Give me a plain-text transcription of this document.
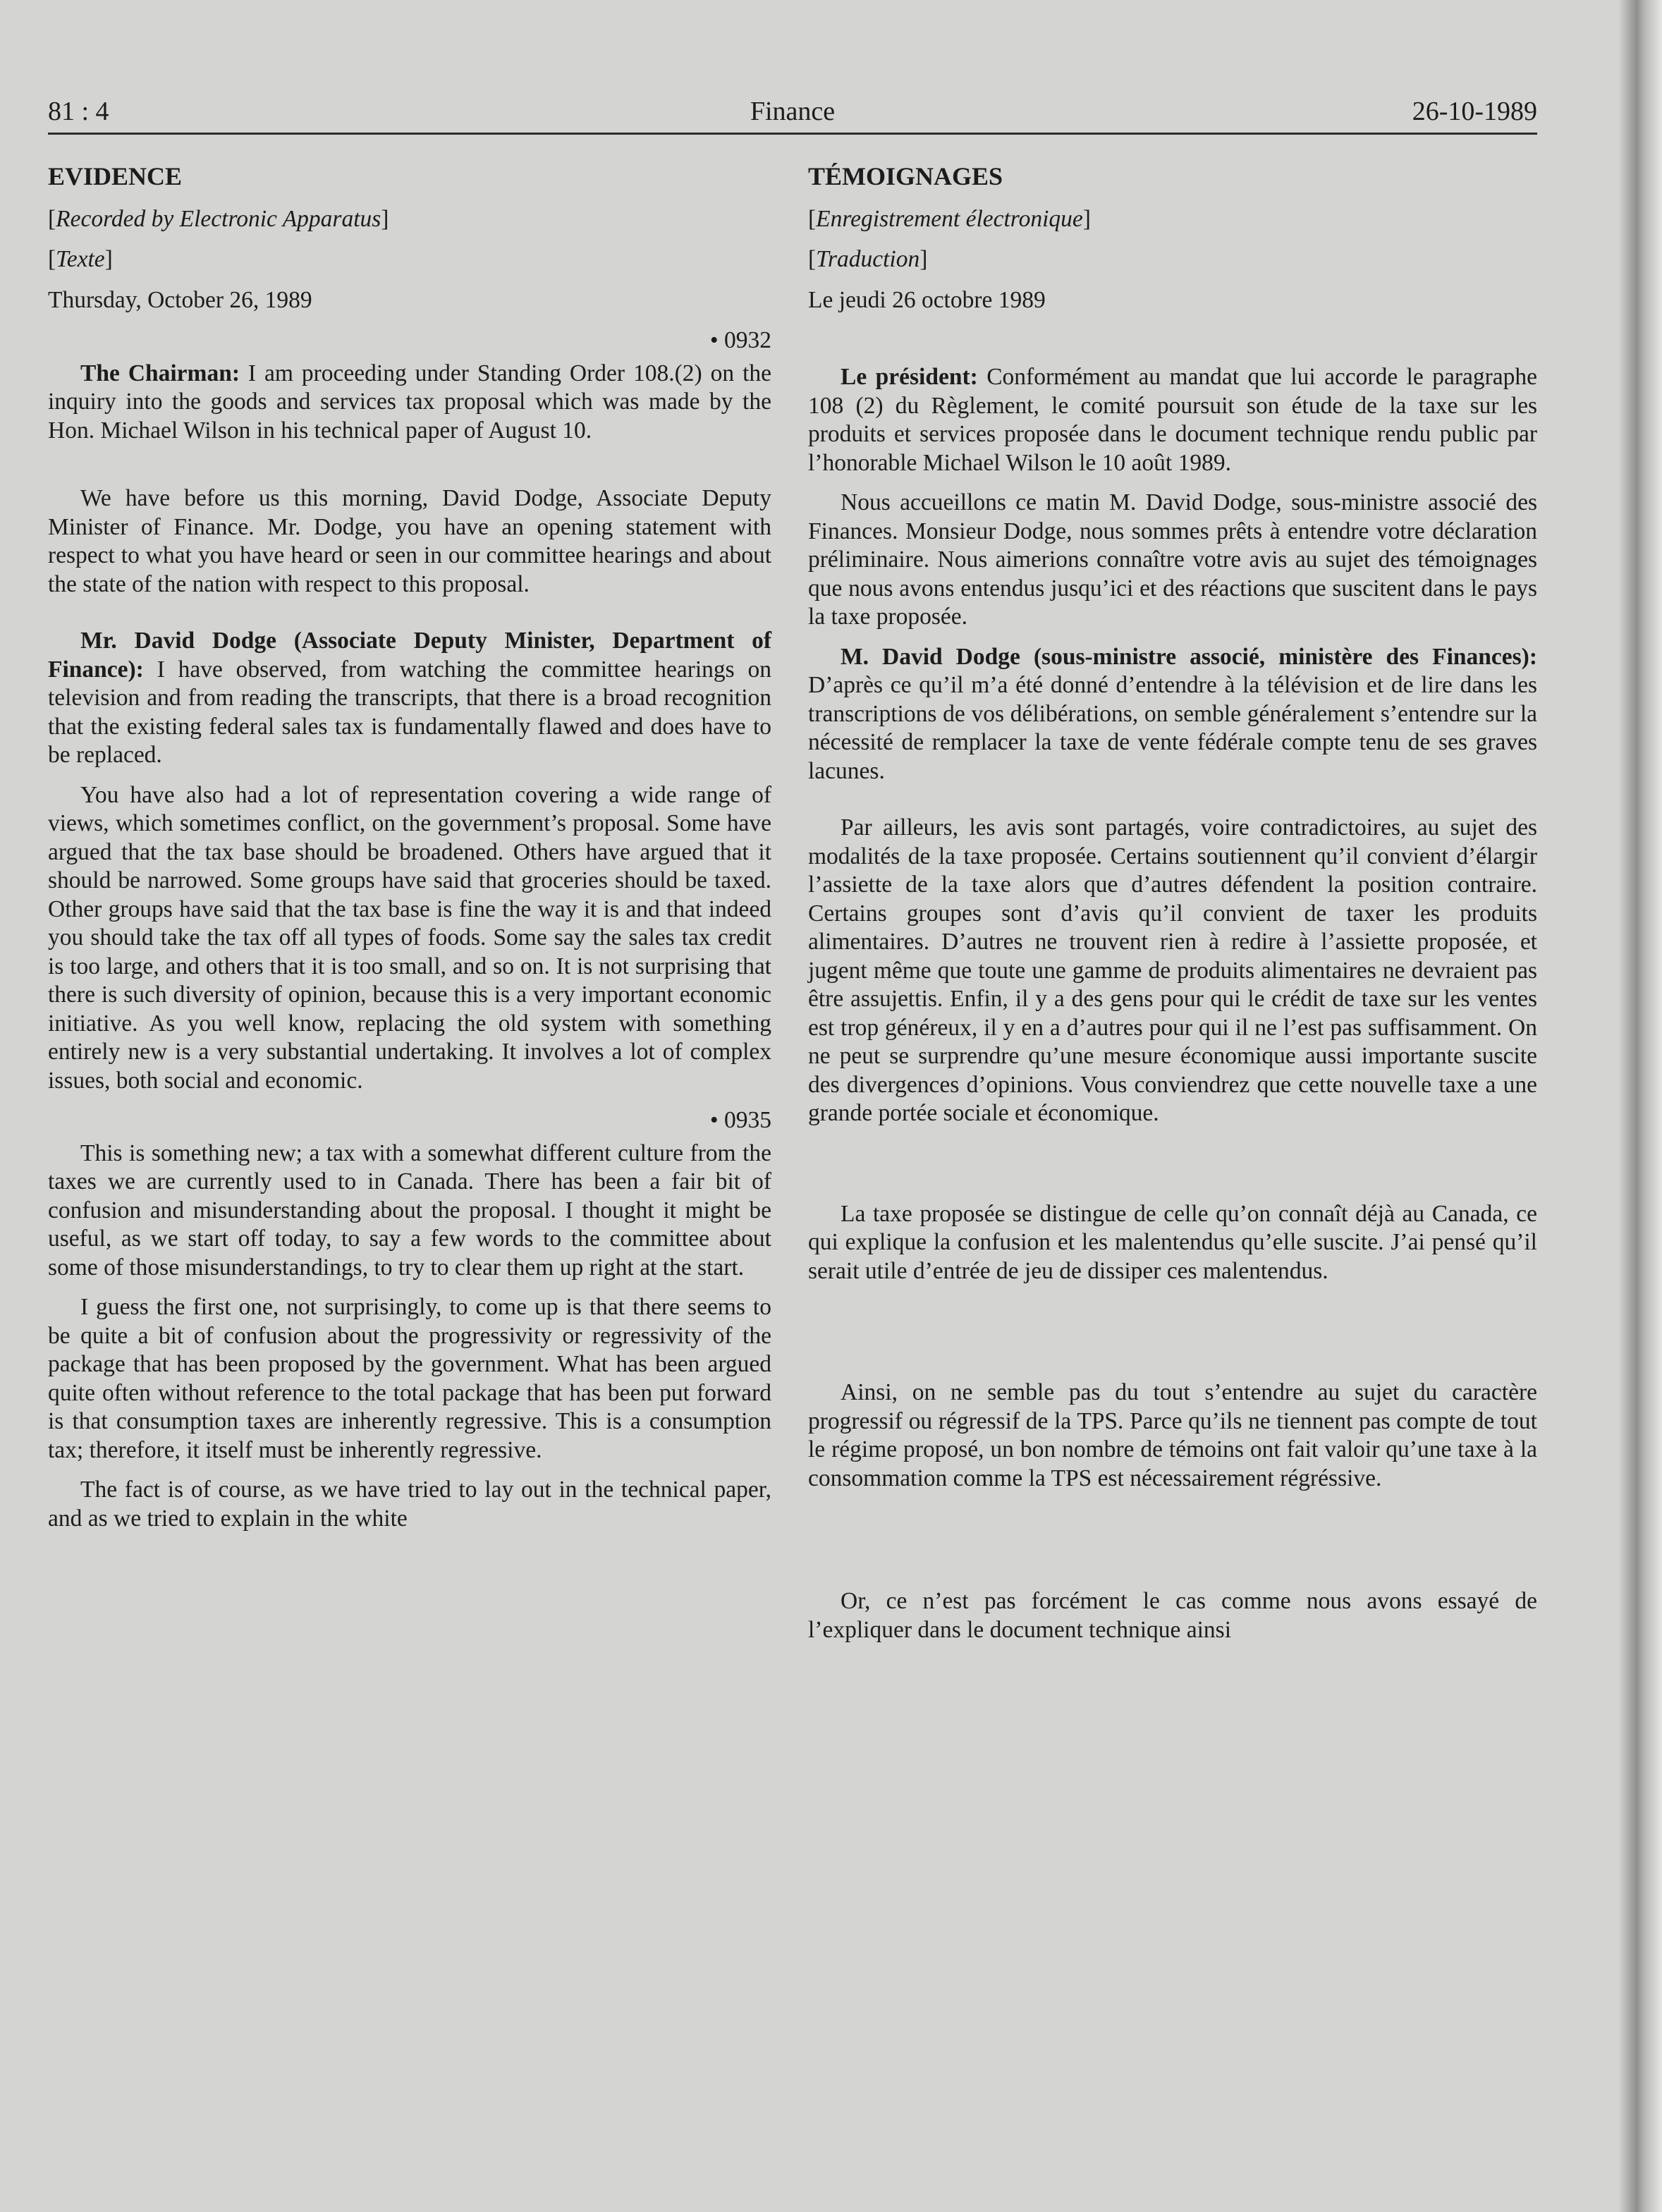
81 : 4	Finance	26-10-1989
EVIDENCE
[Recorded by Electronic Apparatus]
[Texte]
Thursday, October 26, 1989
• 0932

The Chairman: I am proceeding under Standing Order 108.(2) on the inquiry into the goods and services tax proposal which was made by the Hon. Michael Wilson in his technical paper of August 10.

We have before us this morning, David Dodge, Associate Deputy Minister of Finance. Mr. Dodge, you have an opening statement with respect to what you have heard or seen in our committee hearings and about the state of the nation with respect to this proposal.

Mr. David Dodge (Associate Deputy Minister, Department of Finance): I have observed, from watching the committee hearings on television and from reading the transcripts, that there is a broad recognition that the existing federal sales tax is fundamentally flawed and does have to be replaced.

You have also had a lot of representation covering a wide range of views, which sometimes conflict, on the government’s proposal. Some have argued that the tax base should be broadened. Others have argued that it should be narrowed. Some groups have said that groceries should be taxed. Other groups have said that the tax base is fine the way it is and that indeed you should take the tax off all types of foods. Some say the sales tax credit is too large, and others that it is too small, and so on. It is not surprising that there is such diversity of opinion, because this is a very important economic initiative. As you well know, replacing the old system with something entirely new is a very substantial undertaking. It involves a lot of complex issues, both social and economic.

• 0935

This is something new; a tax with a somewhat different culture from the taxes we are currently used to in Canada. There has been a fair bit of confusion and misunderstanding about the proposal. I thought it might be useful, as we start off today, to say a few words to the committee about some of those misunderstandings, to try to clear them up right at the start.

I guess the first one, not surprisingly, to come up is that there seems to be quite a bit of confusion about the progressivity or regressivity of the package that has been proposed by the government. What has been argued quite often without reference to the total package that has been put forward is that consumption taxes are inherently regressive. This is a consumption tax; therefore, it itself must be inherently regressive.

The fact is of course, as we have tried to lay out in the technical paper, and as we tried to explain in the white

TÉMOIGNAGES
[Enregistrement électronique]
[Traduction]
Le jeudi 26 octobre 1989

Le président: Conformément au mandat que lui accorde le paragraphe 108 (2) du Règlement, le comité poursuit son étude de la taxe sur les produits et services proposée dans le document technique rendu public par l’honorable Michael Wilson le 10 août 1989.

Nous accueillons ce matin M. David Dodge, sous-ministre associé des Finances. Monsieur Dodge, nous sommes prêts à entendre votre déclaration préliminaire. Nous aimerions connaître votre avis au sujet des témoignages que nous avons entendus jusqu’ici et des réactions que suscitent dans le pays la taxe proposée.

M. David Dodge (sous-ministre associé, ministère des Finances): D’après ce qu’il m’a été donné d’entendre à la télévision et de lire dans les transcriptions de vos délibérations, on semble généralement s’entendre sur la nécessité de remplacer la taxe de vente fédérale compte tenu de ses graves lacunes.

Par ailleurs, les avis sont partagés, voire contradictoires, au sujet des modalités de la taxe proposée. Certains soutiennent qu’il convient d’élargir l’assiette de la taxe alors que d’autres défendent la position contraire. Certains groupes sont d’avis qu’il convient de taxer les produits alimentaires. D’autres ne trouvent rien à redire à l’assiette proposée, et jugent même que toute une gamme de produits alimentaires ne devraient pas être assujettis. Enfin, il y a des gens pour qui le crédit de taxe sur les ventes est trop généreux, il y en a d’autres pour qui il ne l’est pas suffisamment. On ne peut se surprendre qu’une mesure économique aussi importante suscite des divergences d’opinions. Vous conviendrez que cette nouvelle taxe a une grande portée sociale et économique.

La taxe proposée se distingue de celle qu’on connaît déjà au Canada, ce qui explique la confusion et les malentendus qu’elle suscite. J’ai pensé qu’il serait utile d’entrée de jeu de dissiper ces malentendus.

Ainsi, on ne semble pas du tout s’entendre au sujet du caractère progressif ou régressif de la TPS. Parce qu’ils ne tiennent pas compte de tout le régime proposé, un bon nombre de témoins ont fait valoir qu’une taxe à la consommation comme la TPS est nécessairement régréssive.

Or, ce n’est pas forcément le cas comme nous avons essayé de l’expliquer dans le document technique ainsi
